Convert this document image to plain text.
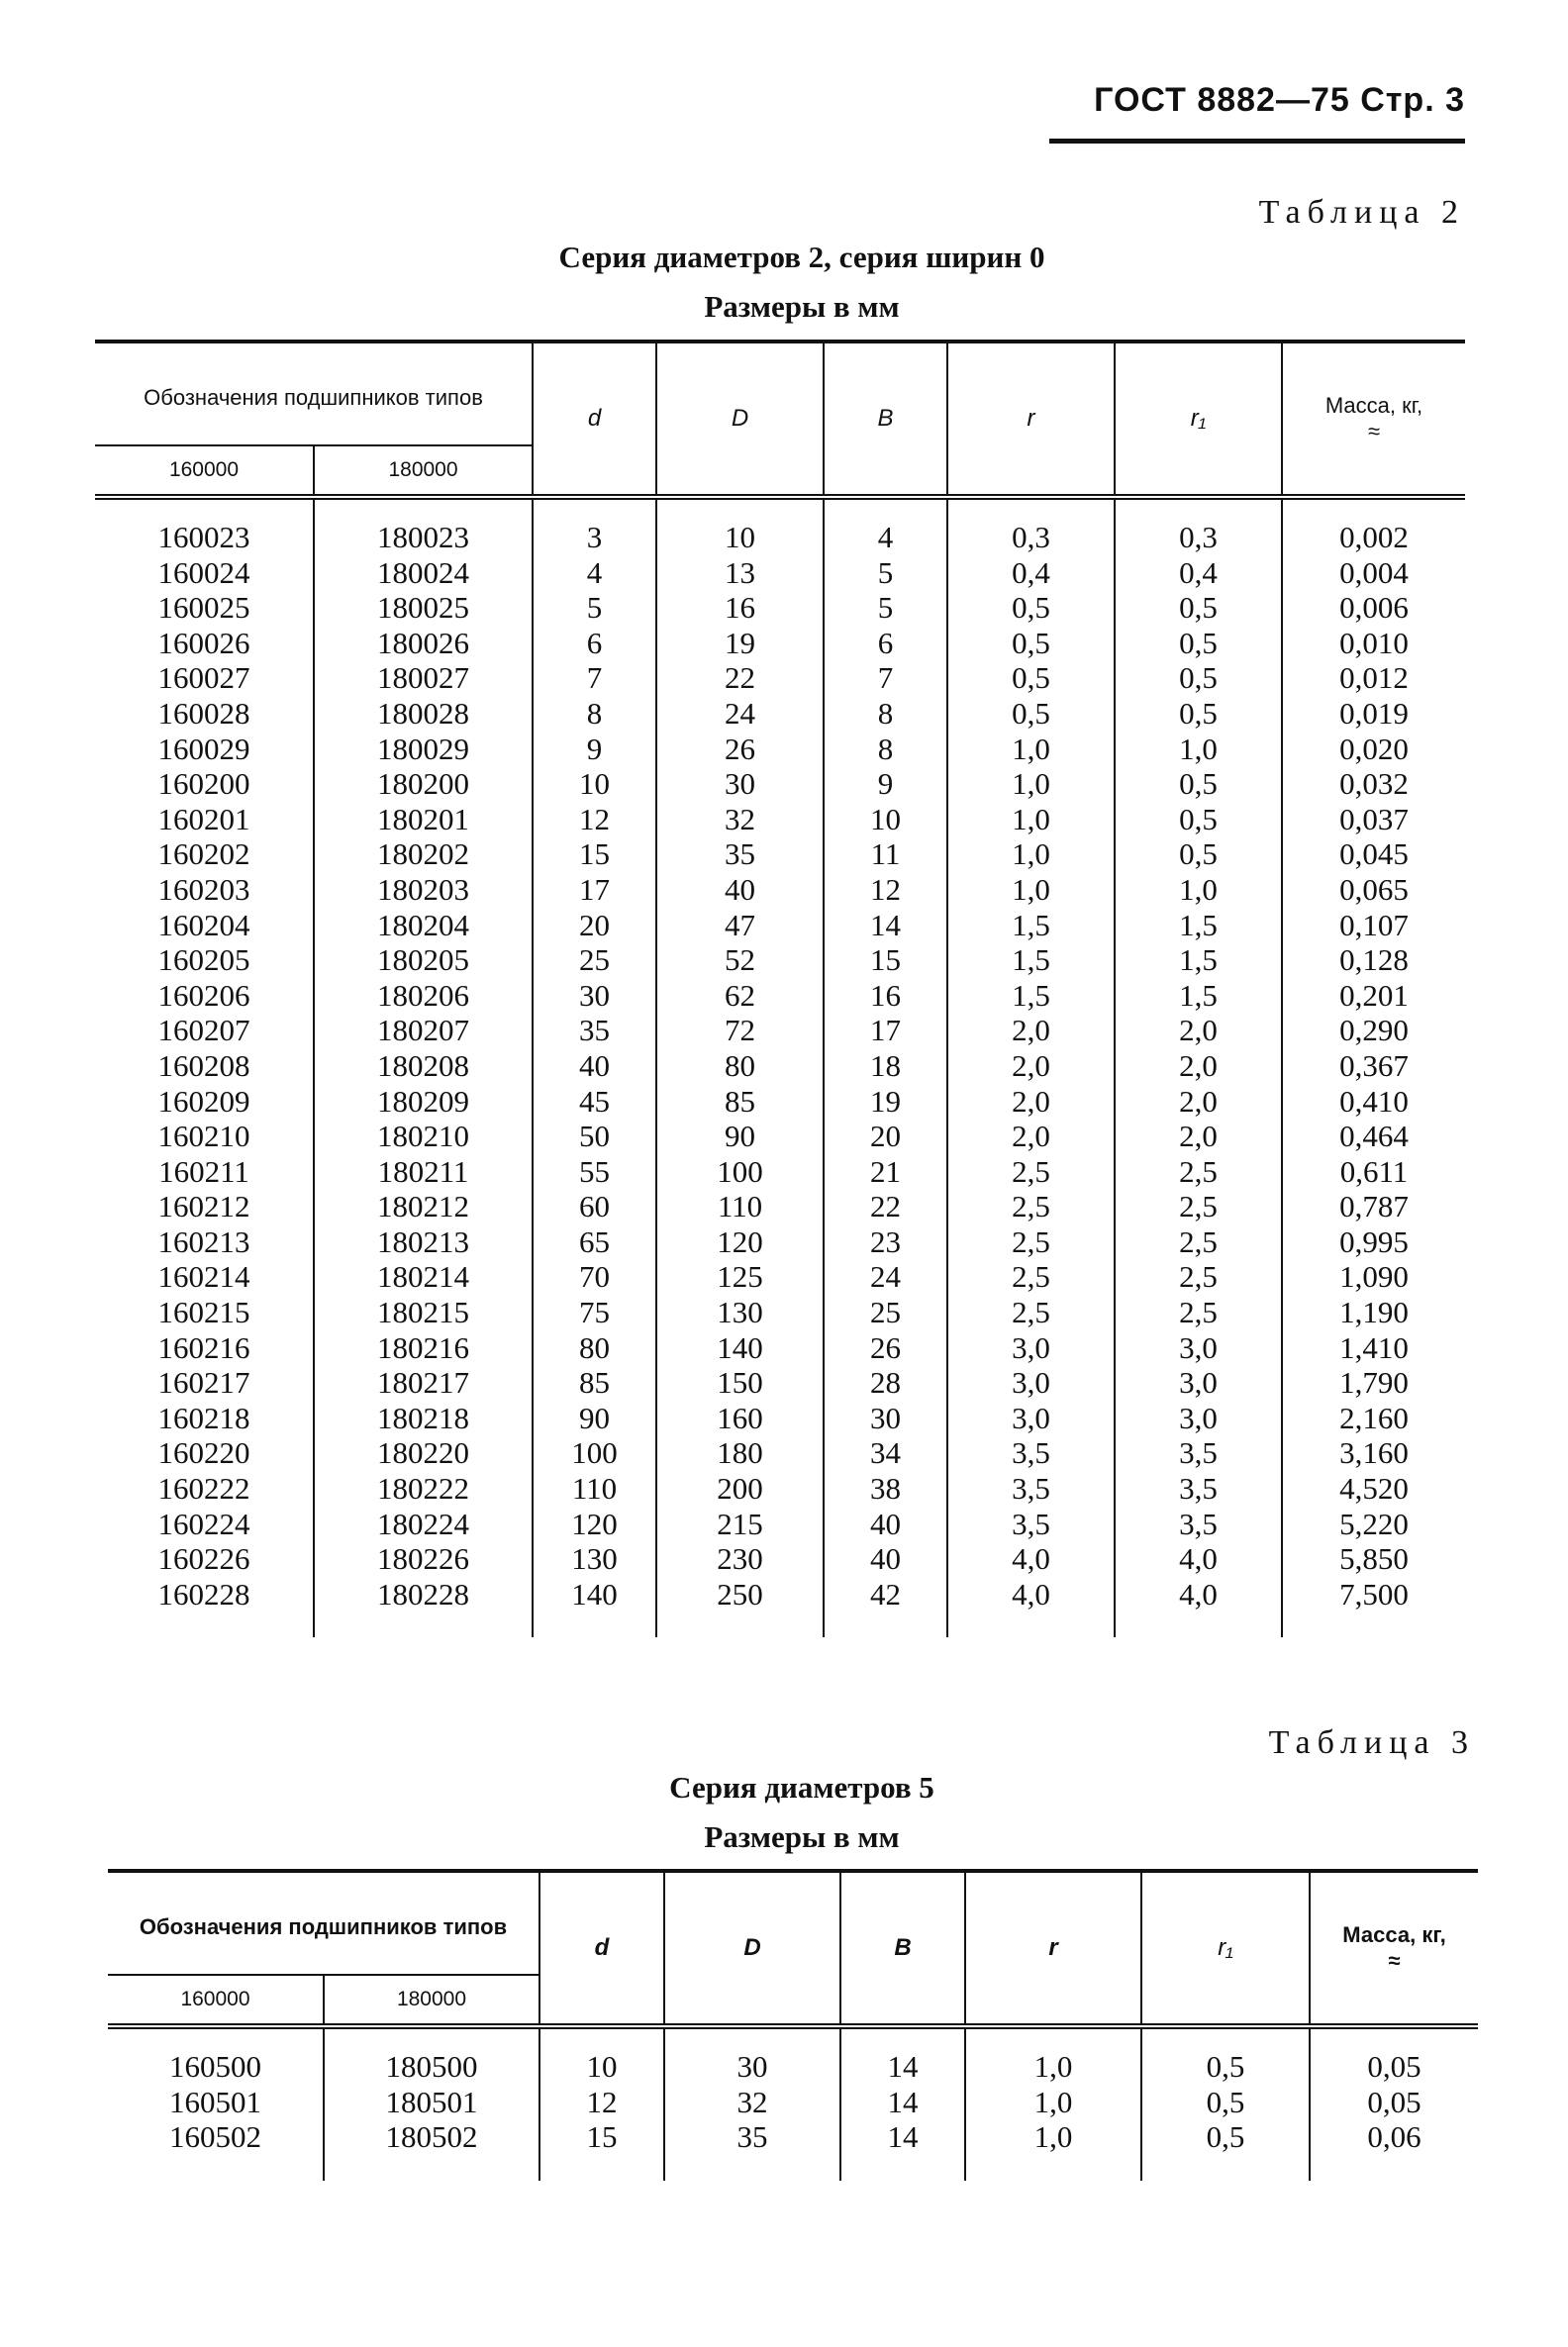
ГОСТ 8882—75 Стр. 3
Таблица 2
Серия диаметров 2, серия ширин 0
Размеры в мм
Обозначения подшипников типов		d	D	B	r	r₁	Масса, кг, ≈
160000	180000						

160023	180023	3	10	4	0,3	0,3	0,002
160024	180024	4	13	5	0,4	0,4	0,004
160025	180025	5	16	5	0,5	0,5	0,006
160026	180026	6	19	6	0,5	0,5	0,010
160027	180027	7	22	7	0,5	0,5	0,012
160028	180028	8	24	8	0,5	0,5	0,019
160029	180029	9	26	8	1,0	1,0	0,020
160200	180200	10	30	9	1,0	0,5	0,032
160201	180201	12	32	10	1,0	0,5	0,037
160202	180202	15	35	11	1,0	0,5	0,045
160203	180203	17	40	12	1,0	1,0	0,065
160204	180204	20	47	14	1,5	1,5	0,107
160205	180205	25	52	15	1,5	1,5	0,128
160206	180206	30	62	16	1,5	1,5	0,201
160207	180207	35	72	17	2,0	2,0	0,290
160208	180208	40	80	18	2,0	2,0	0,367
160209	180209	45	85	19	2,0	2,0	0,410
160210	180210	50	90	20	2,0	2,0	0,464
160211	180211	55	100	21	2,5	2,5	0,611
160212	180212	60	110	22	2,5	2,5	0,787
160213	180213	65	120	23	2,5	2,5	0,995
160214	180214	70	125	24	2,5	2,5	1,090
160215	180215	75	130	25	2,5	2,5	1,190
160216	180216	80	140	26	3,0	3,0	1,410
160217	180217	85	150	28	3,0	3,0	1,790
160218	180218	90	160	30	3,0	3,0	2,160
160220	180220	100	180	34	3,5	3,5	3,160
160222	180222	110	200	38	3,5	3,5	4,520
160224	180224	120	215	40	3,5	3,5	5,220
160226	180226	130	230	40	4,0	4,0	5,850
160228	180228	140	250	42	4,0	4,0	7,500

Таблица 3
Серия диаметров 5
Размеры в мм
Обозначения подшипников типов		d	D	B	r	r₁	Масса, кг, ≈
160000	180000						

160500	180500	10	30	14	1,0	0,5	0,05
160501	180501	12	32	14	1,0	0,5	0,05
160502	180502	15	35	14	1,0	0,5	0,06
